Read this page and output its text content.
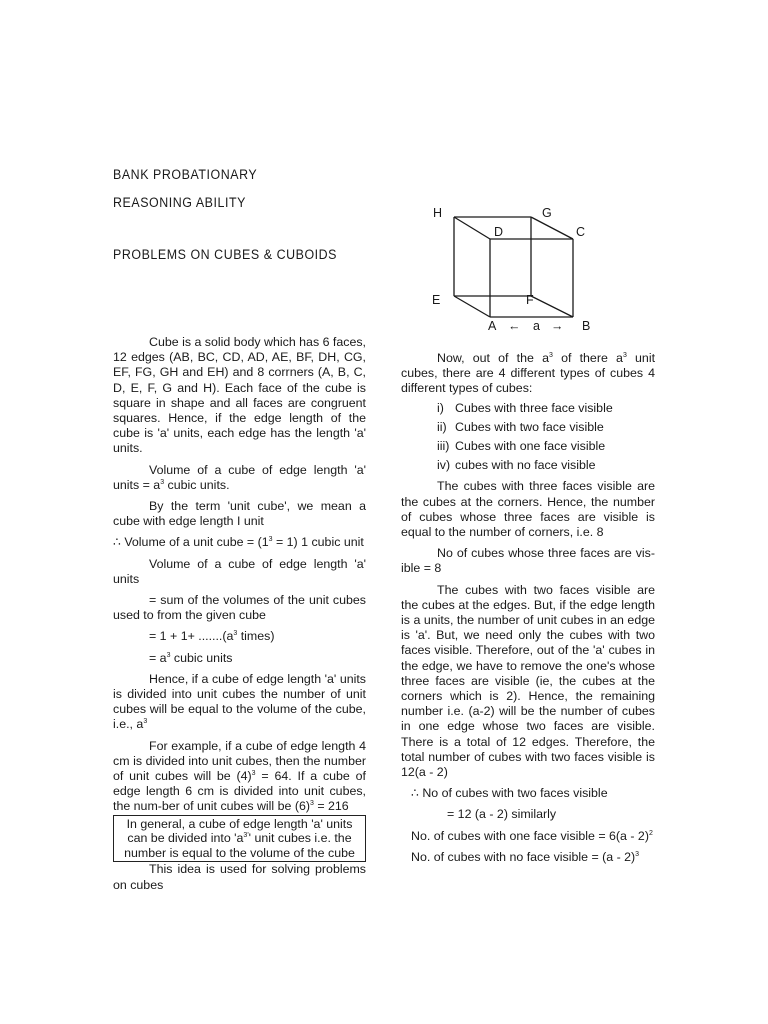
BANK PROBATIONARY
REASONING ABILITY
PROBLEMS ON CUBES & CUBOIDS
H	G
D	C
E	F
A ← a → B

Cube is a solid body which has 6 faces, 12 edges (AB, BC, CD, AD, AE, BF, DH, CG, EF, FG, GH and EH) and 8 corrners (A, B, C, D, E, F, G and H). Each face of the cube is square in shape and all faces are congruent squares. Hence, if the edge length of the cube is 'a' units, each edge has the length 'a' units.

Volume of a cube of edge length 'a' units = $a^3$ cubic units.

By the term 'unit cube', we mean a cube with edge length I unit

∴ Volume of a unit cube = $(1^3 = 1)$ 1 cubic unit

Volume of a cube of edge length 'a' units

= sum of the volumes of the unit cubes used to from the given cube

= $1 + 1+ .......(a^3$ times)

= $a^3$ cubic units

Hence, if a cube of edge length 'a' units is divided into unit cubes the number of unit cubes will be equal to the volume of the cube, i.e., $a^3$

For example, if a cube of edge length 4 cm is divided into unit cubes, then the number of unit cubes will be $(4)^3 = 64$. If a cube of edge length 6 cm is divided into unit cubes, the num-ber of unit cubes will be $(6)^3 = 216$

In general, a cube of edge length 'a' units can be divided into '$a^{3'}$' unit cubes i.e. the number is equal to the volume of the cube

This idea is used for solving problems on cubes

Now, out of the $a^3$ of there $a^3$ unit cubes, there are 4 different types of cubes 4 different types of cubes:

i) Cubes with three face visible
ii) Cubes with two face visible
iii) Cubes with one face visible
iv) cubes with no face visible

The cubes with three faces visible are the cubes at the corners. Hence, the number of cubes whose three faces are visible is equal to the number of corners, i.e. 8

No of cubes whose three faces are vis-ible = 8

The cubes with two faces visible are the cubes at the edges. But, if the edge length is a units, the number of unit cubes in an edge is 'a'. But, we need only the cubes with two faces visible. Therefore, out of the 'a' cubes in the edge, we have to remove the one's whose three faces are visible (ie, the cubes at the corners which is 2). Hence, the remaining number i.e. (a-2) will be the number of cubes in one edge whose two faces are visible. There is a total of 12 edges. Therefore, the total number of cubes with two faces visible is 12(a - 2)

∴ No of cubes with two faces visible

= 12 (a - 2) similarly

No. of cubes with one face visible = 6(a - 2)$^2$

No. of cubes with no face visible = (a - 2)$^3$
